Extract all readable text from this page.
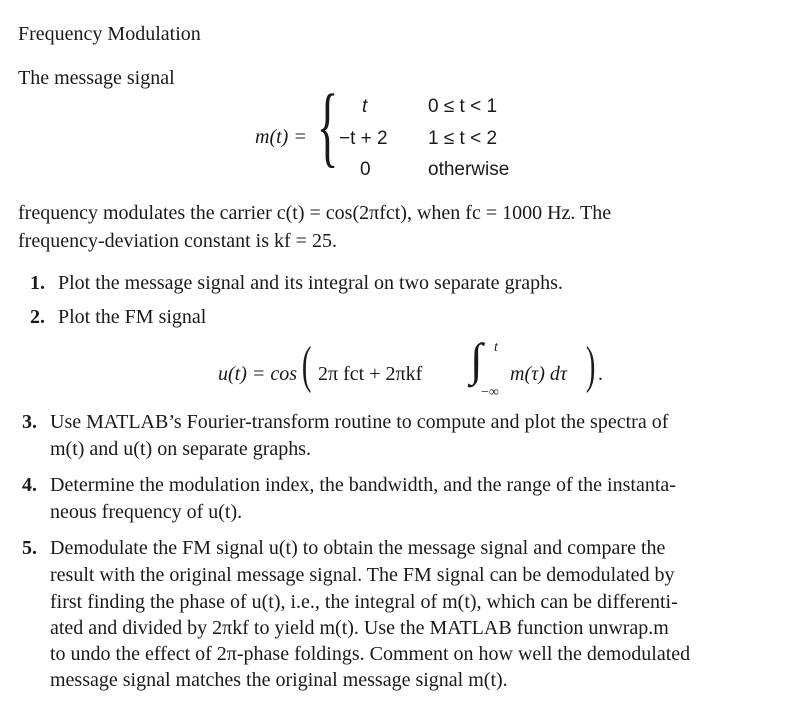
Frequency Modulation
The message signal
m(t) = { t	0 ≤ t < 1
−t + 2 1 ≤ t < 2
0	otherwise
frequency modulates the carrier c(t) = cos(2πfct), when fc = 1000 Hz. The
frequency-deviation constant is kf = 25.
1. Plot the message signal and its integral on two separate graphs.
2. Plot the FM signal
u(t) = cos ( 2π fct + 2πkf ∫ t
−∞
m(τ) dτ ) .
3. Use MATLAB’s Fourier-transform routine to compute and plot the spectra of
m(t) and u(t) on separate graphs.
4. Determine the modulation index, the bandwidth, and the range of the instanta-
neous frequency of u(t).
5. Demodulate the FM signal u(t) to obtain the message signal and compare the
result with the original message signal. The FM signal can be demodulated by
first finding the phase of u(t), i.e., the integral of m(t), which can be differenti-
ated and divided by 2πkf to yield m(t). Use the MATLAB function unwrap.m
to undo the effect of 2π-phase foldings. Comment on how well the demodulated
message signal matches the original message signal m(t).
